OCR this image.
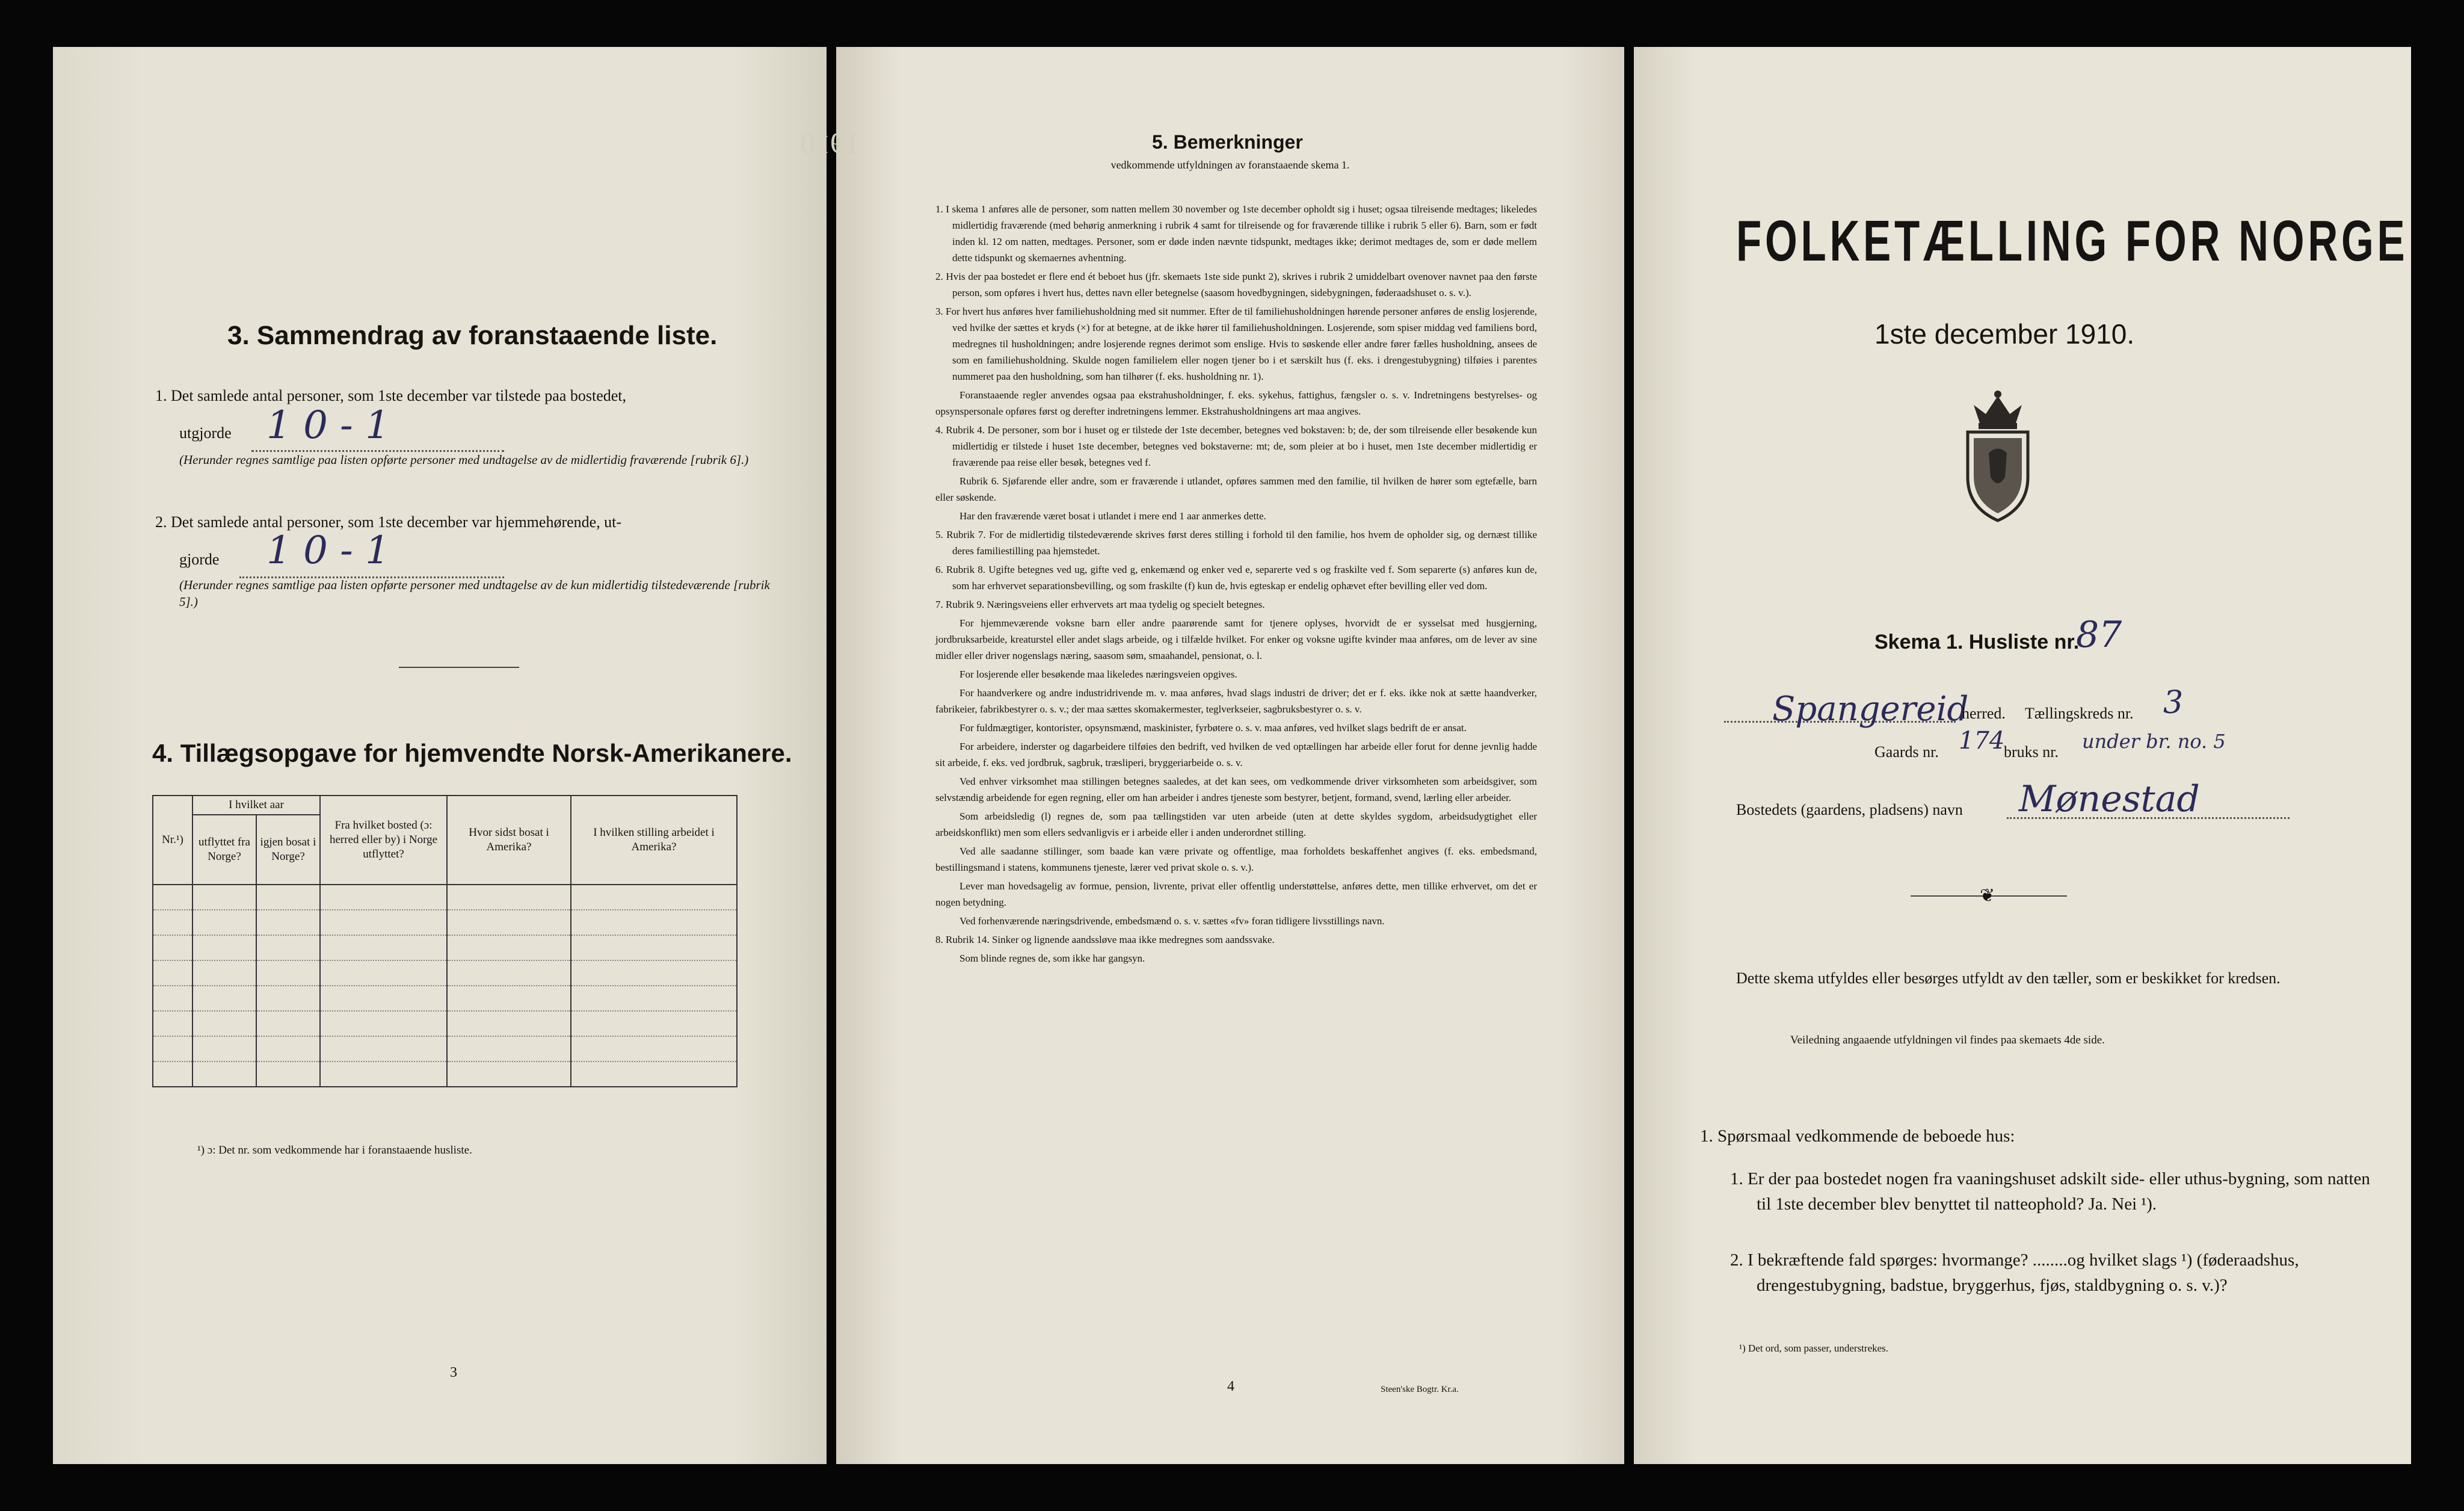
3. Sammendrag av foranstaaende liste.
1. Det samlede antal personer, som 1ste december var tilstede paa bostedet,
utgjorde 1 0 - 1
(Herunder regnes samtlige paa listen opførte personer med undtagelse av de midlertidig fraværende [rubrik 6].)
2. Det samlede antal personer, som 1ste december var hjemmehørende, ut-
gjorde 1 0 - 1
(Herunder regnes samtlige paa listen opførte personer med undtagelse av de kun midlertidig tilstedeværende [rubrik 5].)
4. Tillægsopgave for hjemvendte Norsk-Amerikanere.
Nr.¹)	I hvilket aar		Fra hvilket bosted (ɔ: herred eller by) i Norge utflyttet?	Hvor sidst bosat i Amerika?	I hvilken stilling arbeidet i Amerika?
	utflyttet fra Norge?	igjen bosat i Norge?			

¹) ɔ: Det nr. som vedkommende har i foranstaaende husliste.
3
1910	5. Bemerkninger
vedkommende utfyldningen av foranstaaende skema 1.

1. I skema 1 anføres alle de personer, som natten mellem 30 november og 1ste december opholdt sig i huset; ogsaa tilreisende medtages; likeledes midlertidig fraværende (med behørig anmerkning i rubrik 4 samt for tilreisende og for fraværende tillike i rubrik 5 eller 6). Barn, som er født inden kl. 12 om natten, medtages. Personer, som er døde inden nævnte tidspunkt, medtages ikke; derimot medtages de, som er døde mellem dette tidspunkt og skemaernes avhentning.

2. Hvis der paa bostedet er flere end ét beboet hus (jfr. skemaets 1ste side punkt 2), skrives i rubrik 2 umiddelbart ovenover navnet paa den første person, som opføres i hvert hus, dettes navn eller betegnelse (saasom hovedbygningen, sidebygningen, føderaadshuset o. s. v.).

3. For hvert hus anføres hver familiehusholdning med sit nummer. Efter de til familiehusholdningen hørende personer anføres de enslig losjerende, ved hvilke der sættes et kryds (×) for at betegne, at de ikke hører til familiehusholdningen. Losjerende, som spiser middag ved familiens bord, medregnes til husholdningen; andre losjerende regnes derimot som enslige. Hvis to søskende eller andre fører fælles husholdning, ansees de som en familiehusholdning. Skulde nogen familielem eller nogen tjener bo i et særskilt hus (f. eks. i drengestubygning) tilføies i parentes nummeret paa den husholdning, som han tilhører (f. eks. husholdning nr. 1).

Foranstaaende regler anvendes ogsaa paa ekstrahusholdninger, f. eks. sykehus, fattighus, fængsler o. s. v. Indretningens bestyrelses- og opsynspersonale opføres først og derefter indretningens lemmer. Ekstrahusholdningens art maa angives.

4. Rubrik 4. De personer, som bor i huset og er tilstede der 1ste december, betegnes ved bokstaven: b; de, der som tilreisende eller besøkende kun midlertidig er tilstede i huset 1ste december, betegnes ved bokstaverne: mt; de, som pleier at bo i huset, men 1ste december midlertidig er fraværende paa reise eller besøk, betegnes ved f.

Rubrik 6. Sjøfarende eller andre, som er fraværende i utlandet, opføres sammen med den familie, til hvilken de hører som egtefælle, barn eller søskende.

Har den fraværende været bosat i utlandet i mere end 1 aar anmerkes dette.

5. Rubrik 7. For de midlertidig tilstedeværende skrives først deres stilling i forhold til den familie, hos hvem de opholder sig, og dernæst tillike deres familiestilling paa hjemstedet.

6. Rubrik 8. Ugifte betegnes ved ug, gifte ved g, enkemænd og enker ved e, separerte ved s og fraskilte ved f. Som separerte (s) anføres kun de, som har erhvervet separationsbevilling, og som fraskilte (f) kun de, hvis egteskap er endelig ophævet efter bevilling eller ved dom.

7. Rubrik 9. Næringsveiens eller erhvervets art maa tydelig og specielt betegnes.

For hjemmeværende voksne barn eller andre paarørende samt for tjenere oplyses, hvorvidt de er sysselsat med husgjerning, jordbruksarbeide, kreaturstel eller andet slags arbeide, og i tilfælde hvilket. For enker og voksne ugifte kvinder maa anføres, om de lever av sine midler eller driver nogenslags næring, saasom søm, smaahandel, pensionat, o. l.

For losjerende eller besøkende maa likeledes næringsveien opgives.

For haandverkere og andre industridrivende m. v. maa anføres, hvad slags industri de driver; det er f. eks. ikke nok at sætte haandverker, fabrikeier, fabrikbestyrer o. s. v.; der maa sættes skomakermester, teglverkseier, sagbruksbestyrer o. s. v.

For fuldmægtiger, kontorister, opsynsmænd, maskinister, fyrbøtere o. s. v. maa anføres, ved hvilket slags bedrift de er ansat.

For arbeidere, inderster og dagarbeidere tilføies den bedrift, ved hvilken de ved optællingen har arbeide eller forut for denne jevnlig hadde sit arbeide, f. eks. ved jordbruk, sagbruk, træsliperi, bryggeriarbeide o. s. v.

Ved enhver virksomhet maa stillingen betegnes saaledes, at det kan sees, om vedkommende driver virksomheten som arbeidsgiver, som selvstændig arbeidende for egen regning, eller om han arbeider i andres tjeneste som bestyrer, betjent, formand, svend, lærling eller arbeider.

Som arbeidsledig (l) regnes de, som paa tællingstiden var uten arbeide (uten at dette skyldes sygdom, arbeidsudygtighet eller arbeidskonflikt) men som ellers sedvanligvis er i arbeide eller i anden underordnet stilling.

Ved alle saadanne stillinger, som baade kan være private og offentlige, maa forholdets beskaffenhet angives (f. eks. embedsmand, bestillingsmand i statens, kommunens tjeneste, lærer ved privat skole o. s. v.).

Lever man hovedsagelig av formue, pension, livrente, privat eller offentlig understøttelse, anføres dette, men tillike erhvervet, om det er nogen betydning.

Ved forhenværende næringsdrivende, embedsmænd o. s. v. sættes «fv» foran tidligere livsstillings navn.

8. Rubrik 14. Sinker og lignende aandssløve maa ikke medregnes som aandssvake.

Som blinde regnes de, som ikke har gangsyn.

4	Steen'ske Bogtr. Kr.a.
FOLKETÆLLING FOR NORGE
1ste december 1910.
Skema 1. Husliste nr.
87
Spangereid
herred. Tællingskreds nr. 3
Gaards nr. 174
bruks nr. under br. no. 5
Bostedets (gaardens, pladsens) navn Mønestad
❦
Dette skema utfyldes eller besørges utfyldt av den tæller, som er beskikket for kredsen.
Veiledning angaaende utfyldningen vil findes paa skemaets 4de side.
1. Spørsmaal vedkommende de beboede hus:
1. Er der paa bostedet nogen fra vaaningshuset adskilt side- eller uthus-bygning, som natten til 1ste december blev benyttet til natteophold? Ja. Nei ¹).
2. I bekræftende fald spørges: hvormange? ........og hvilket slags ¹) (føderaadshus, drengestubygning, badstue, bryggerhus, fjøs, staldbygning o. s. v.)?
¹) Det ord, som passer, understrekes.
